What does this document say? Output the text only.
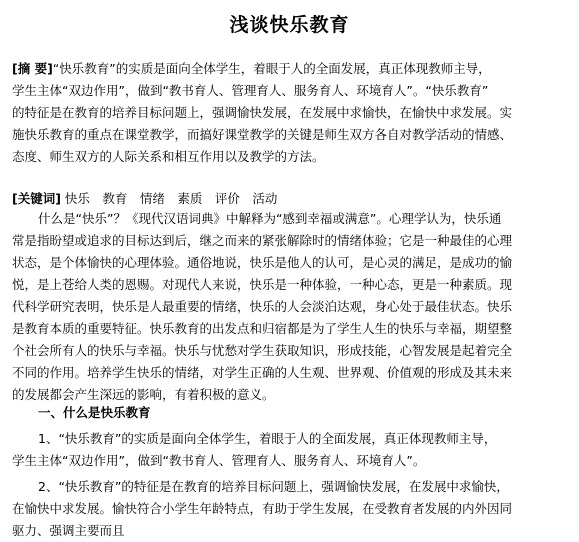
浅谈快乐教育
[摘 要]“快乐教育”的实质是面向全体学生，着眼于人的全面发展，真正体现教师主导，
学生主体“双边作用”，做到“教书育人、管理育人、服务育人、环境育人”。“快乐教育”
的特征是在教育的培养目标问题上，强调愉快发展，在发展中求愉快，在愉快中求发展。实
施快乐教育的重点在课堂教学，而搞好课堂教学的关键是师生双方各自对教学活动的情感、
态度、师生双方的人际关系和相互作用以及教学的方法。
[关键词] 快乐　教育　情绪　素质　评价　活动
什么是“快乐”？《现代汉语词典》中解释为“感到幸福或满意”。心理学认为，快乐通
常是指盼望或追求的目标达到后，继之而来的紧张解除时的情绪体验；它是一种最佳的心理
状态，是个体愉快的心理体验。通俗地说，快乐是他人的认可，是心灵的满足，是成功的愉
悦，是上苍给人类的恩赐。对现代人来说，快乐是一种体验，一种心态，更是一种素质。现
代科学研究表明，快乐是人最重要的情绪，快乐的人会淡泊达观，身心处于最佳状态。快乐
是教育本质的重要特征。快乐教育的出发点和归宿都是为了学生人生的快乐与幸福，期望整
个社会所有人的快乐与幸福。快乐与忧愁对学生获取知识，形成技能，心智发展是起着完全
不同的作用。培养学生快乐的情绪，对学生正确的人生观、世界观、价值观的形成及其未来
的发展都会产生深远的影响，有着积极的意义。
一、什么是快乐教育
1、“快乐教育”的实质是面向全体学生，着眼于人的全面发展，真正体现教师主导，
学生主体“双边作用”，做到“教书育人、管理育人、服务育人、环境育人”。
2、“快乐教育”的特征是在教育的培养目标问题上，强调愉快发展，在发展中求愉快，
在愉快中求发展。愉快符合小学生年龄特点，有助于学生发展，在受教育者发展的内外因同
驱力、强调主要而且
